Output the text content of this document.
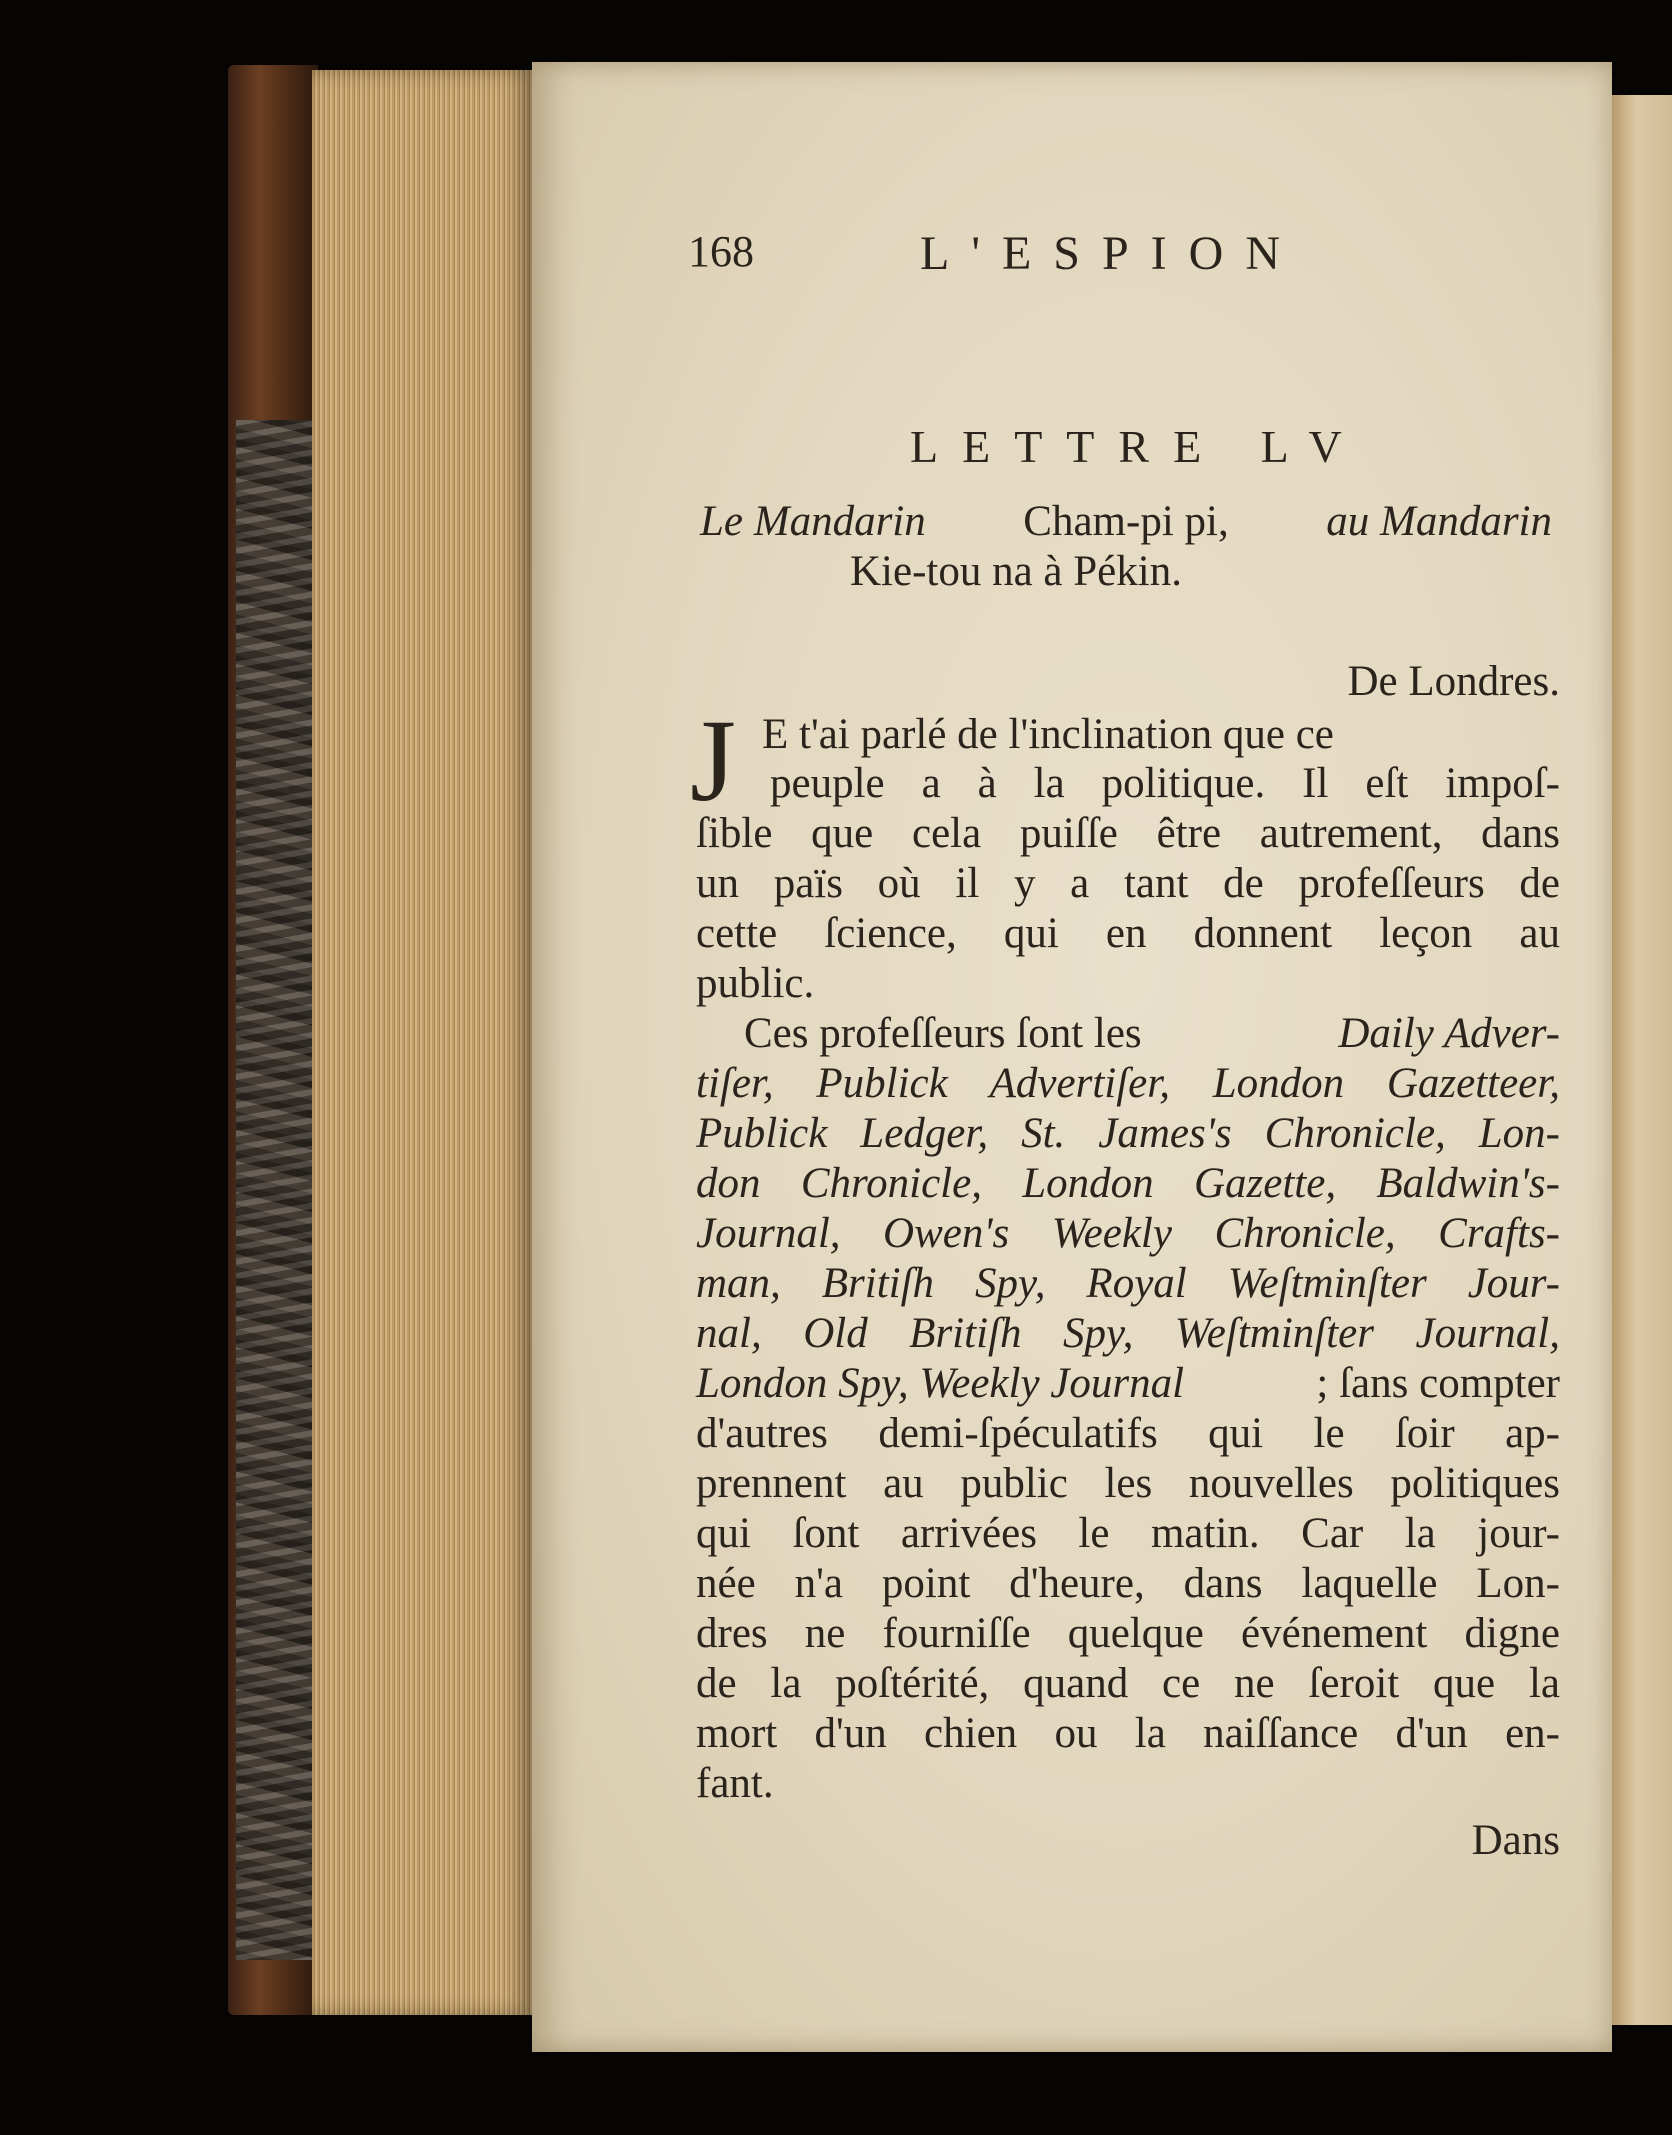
168	L'ESPION
LETTRE LV
Le Mandarin Cham-pi pi, au Mandarin
Kie-tou na à Pékin.
De Londres.
J E t'ai parlé de l'inclination que ce
peuple a à la politique. Il eſt impoſ-
ſible que cela puiſſe être autrement, dans
un païs où il y a tant de profeſſeurs de
cette ſcience, qui en donnent leçon au
public.
Ces profeſſeurs ſont les	Daily Adver-
tiſer, Publick Advertiſer, London Gazetteer,
Publick Ledger, St. James's Chronicle, Lon-
don Chronicle, London Gazette, Baldwin's-
Journal, Owen's Weekly Chronicle, Crafts-
man, Britiſh Spy, Royal Weſtminſter Jour-
nal, Old Britiſh Spy, Weſtminſter Journal,
London Spy, Weekly Journal	; ſans compter
d'autres demi-ſpéculatifs qui le ſoir ap-
prennent au public les nouvelles politiques
qui ſont arrivées le matin. Car la jour-
née n'a point d'heure, dans laquelle Lon-
dres ne fourniſſe quelque événement digne
de la poſtérité, quand ce ne ſeroit que la
mort d'un chien ou la naiſſance d'un en-
fant.
Dans
